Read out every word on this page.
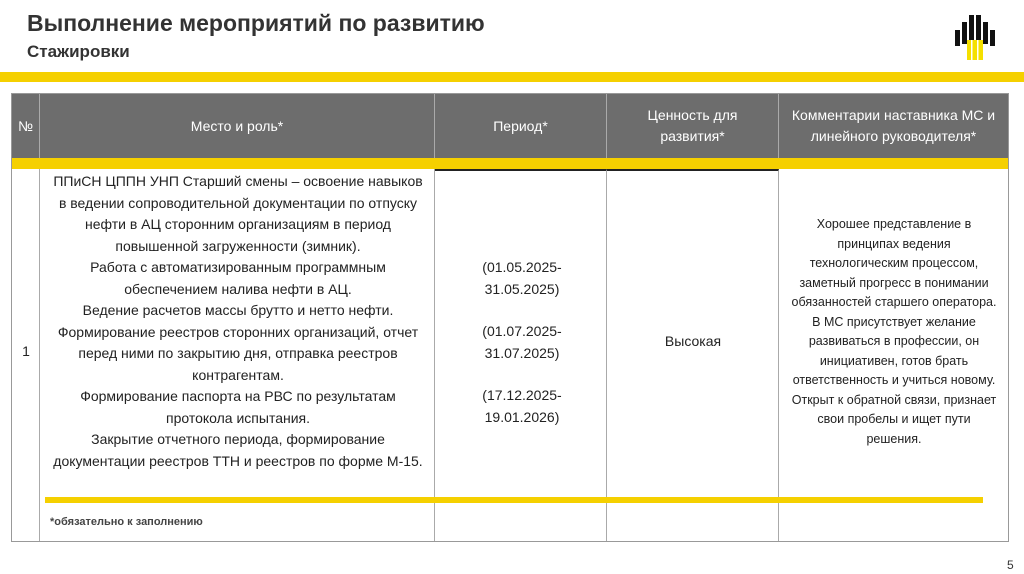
Выполнение мероприятий по развитию
Стажировки
№	Место и роль*	Период*
Ценность для развития*
Комментарии наставника МС и линейного руководителя*
1
ППиСН ЦППН УНП Старший смены – освоение навыков в ведении сопроводительной документации по отпуску нефти в АЦ сторонним организациям в период повышенной загруженности (зимник).
Работа с автоматизированным программным обеспечением налива нефти в АЦ.
Ведение расчетов массы брутто и нетто нефти.
Формирование реестров сторонних организаций, отчет перед ними по закрытию дня, отправка реестров контрагентам.
Формирование паспорта на РВС по результатам протокола испытания.
Закрытие отчетного периода, формирование документации реестров ТТН и реестров по форме М-15.
(01.05.2025-31.05.2025)
(01.07.2025-31.07.2025)
(17.12.2025-19.01.2026)
Высокая
Хорошее представление в принципах ведения технологическим процессом, заметный прогресс в понимании обязанностей старшего оператора.
В МС присутствует желание развиваться в профессии, он инициативен, готов брать ответственность и учиться новому.
Открыт к обратной связи, признает свои пробелы и ищет пути решения.
*обязательно к заполнению
5
